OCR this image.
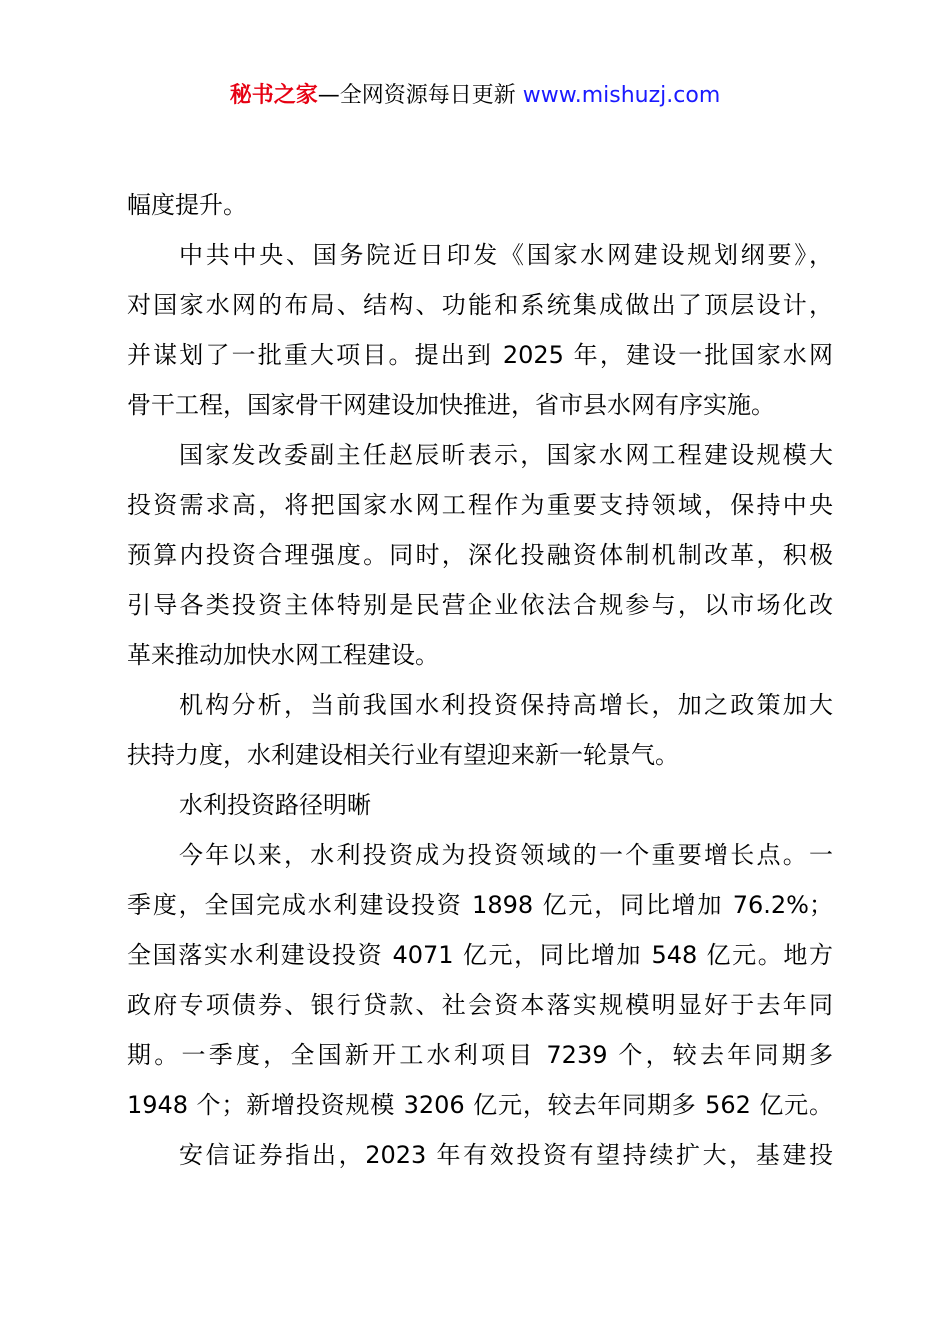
秘书之家—全网资源每日更新 www.mishuzj.com
幅度提升。
中共中央、国务院近日印发《国家水网建设规划纲要》，
对国家水网的布局、结构、功能和系统集成做出了顶层设计，
并谋划了一批重大项目。提出到 2025 年，建设一批国家水网
骨干工程，国家骨干网建设加快推进，省市县水网有序实施。
国家发改委副主任赵辰昕表示，国家水网工程建设规模大
投资需求高，将把国家水网工程作为重要支持领域，保持中央
预算内投资合理强度。同时，深化投融资体制机制改革，积极
引导各类投资主体特别是民营企业依法合规参与，以市场化改
革来推动加快水网工程建设。
机构分析，当前我国水利投资保持高增长，加之政策加大
扶持力度，水利建设相关行业有望迎来新一轮景气。
水利投资路径明晰
今年以来，水利投资成为投资领域的一个重要增长点。一
季度，全国完成水利建设投资 1898 亿元，同比增加 76.2%；
全国落实水利建设投资 4071 亿元，同比增加 548 亿元。地方
政府专项债券、银行贷款、社会资本落实规模明显好于去年同
期。一季度，全国新开工水利项目 7239 个，较去年同期多
1948 个；新增投资规模 3206 亿元，较去年同期多 562 亿元。
安信证券指出，2023 年有效投资有望持续扩大，基建投
